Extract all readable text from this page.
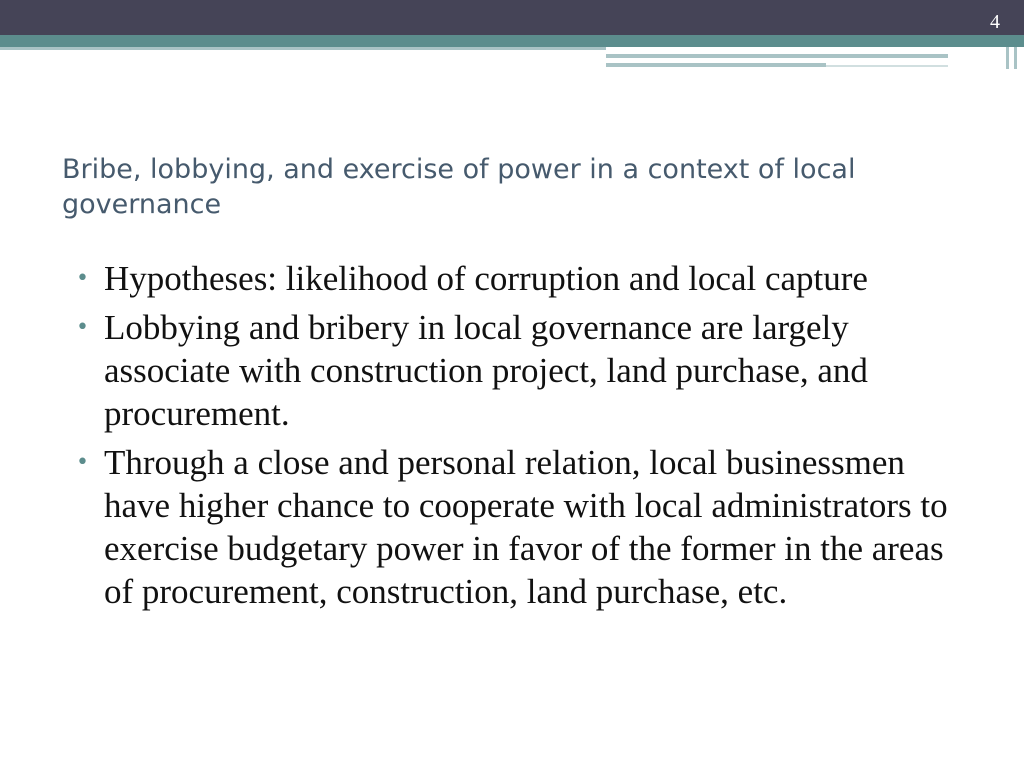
4
Bribe, lobbying, and exercise of power in a context of local governance
• Hypotheses: likelihood of corruption and local capture
• Lobbying and bribery in local governance are largely associate with construction project, land purchase, and procurement.
• Through a close and personal relation, local businessmen have higher chance to cooperate with local administrators to exercise budgetary power in favor of the former in the areas of procurement, construction, land purchase, etc.
